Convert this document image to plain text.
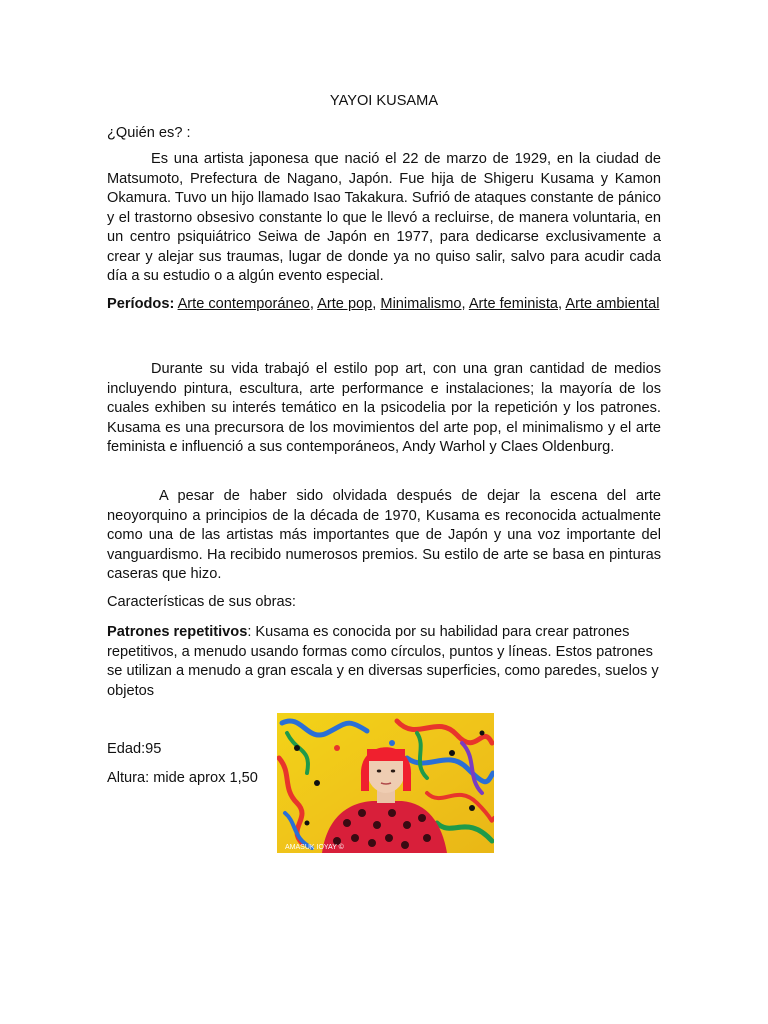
YAYOI KUSAMA
¿Quién es? :
Es una artista japonesa que nació el 22 de marzo de 1929, en la ciudad de Matsumoto, Prefectura de Nagano, Japón. Fue hija de Shigeru Kusama y Kamon Okamura. Tuvo un hijo llamado Isao Takakura. Sufrió de ataques constante de pánico y el trastorno obsesivo constante lo que le llevó a recluirse, de manera voluntaria, en un centro psiquiátrico Seiwa de Japón en 1977, para dedicarse exclusivamente a crear y alejar sus traumas, lugar de donde ya no quiso salir, salvo para acudir cada día a su estudio o a algún evento especial.
Períodos: Arte contemporáneo, Arte pop, Minimalismo, Arte feminista, Arte ambiental
Durante su vida trabajó el estilo pop art, con una gran cantidad de medios incluyendo pintura, escultura, arte performance e instalaciones; la mayoría de los cuales exhiben su interés temático en la psicodelia por la repetición y los patrones. Kusama es una precursora de los movimientos del arte pop, el minimalismo y el arte feminista e influenció a sus contemporáneos, Andy Warhol y Claes Oldenburg.
A pesar de haber sido olvidada después de dejar la escena del arte neoyorquino a principios de la década de 1970, Kusama es reconocida actualmente como una de las artistas más importantes que de Japón y una voz importante del vanguardismo. Ha recibido numerosos premios. Su estilo de arte se basa en pinturas caseras que hizo.
Características de sus obras:
Patrones repetitivos: Kusama es conocida por su habilidad para crear patrones repetitivos, a menudo usando formas como círculos, puntos y líneas. Estos patrones se utilizan a menudo a gran escala y en diversas superficies, como paredes, suelos y objetos
Edad:95
Altura: mide aprox 1,50
AMASUK IOYAY ©
